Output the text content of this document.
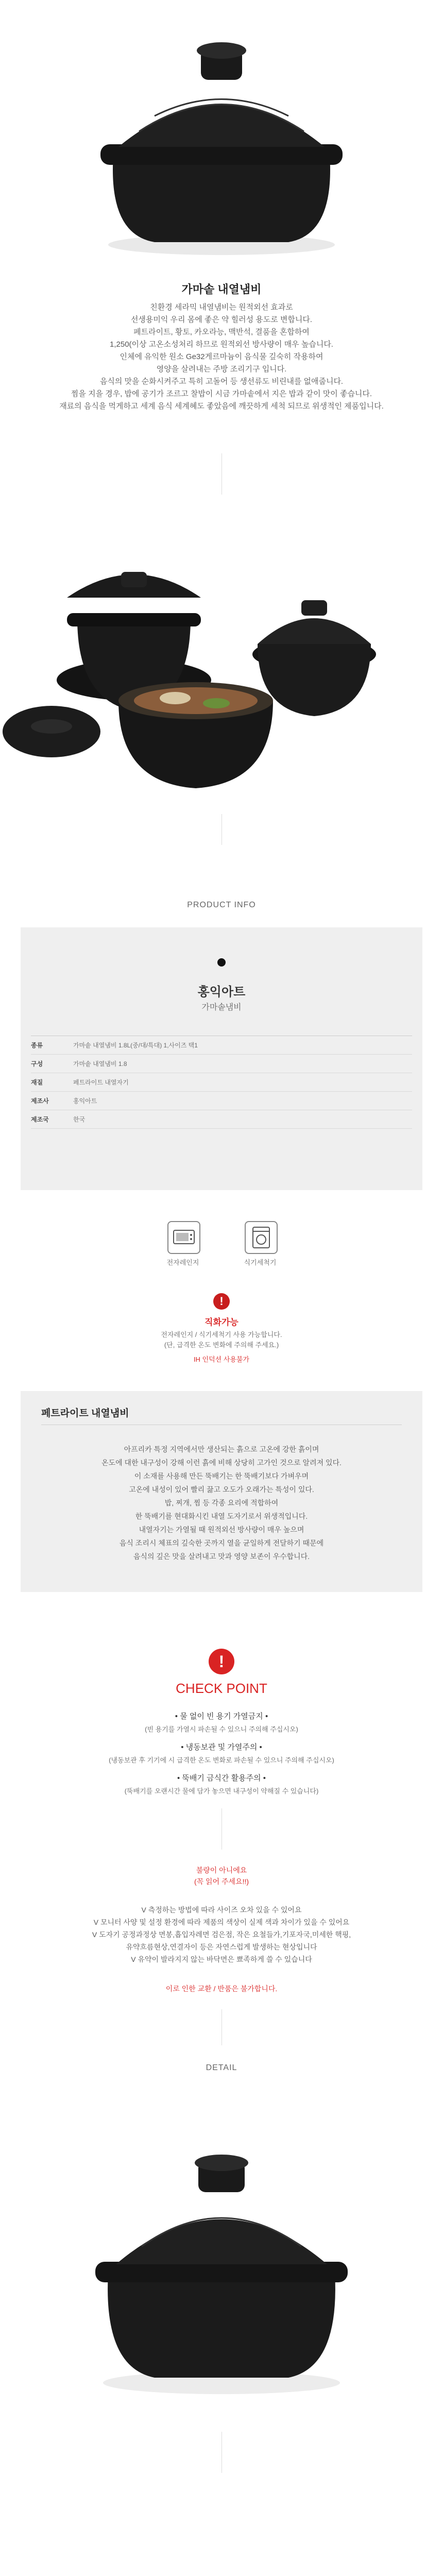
가마솥 내열냄비
친환경 세라믹 내열냄비는 원적외선 효과로
선생용미익 우리 몸에 좋은 약 힐러성 용도로 변합니다.
페트라이트, 황토, 카오라능, 맥반석, 결품을 혼합하여
1,250(이상 고온소성처리 하므로 원적외선 방사량이 매우 높습니다.
인체에 유익한 원소 Ge32게르마늄이 음식물 깊숙히 작용하여
영양을 살려내는 주방 조리기구 입니다.
음식의 맛을 순화시켜주고 특히 고돌어 등 생선류도 비린내를 없애줍니다.
찜을 지을 경우, 밥에 공기가 조르고 찰밥이 시금 가마솥에서 지은 밥과 같이 맛이 좋습니다.
재료의 음식을 먹게하고 세계 음식 세계혜도 좋았음에 깨끗하게 세척 되므로 위생적인 제품입니다.
PRODUCT INFO
홍익아트
가마솥냄비
종류	가마솥 내열냄비 1.8L(중/대/특대) 1,사이즈 택1
구성	가마솥 내열냄비 1.8
재질	페트라이트 내열자기
제조사	홍익아트
제조국	한국
전자레인지	식기세척기
!
직화가능
전자레인지 / 식기세척기 사용 가능합니다.
(단, 급격한 온도 변화에 주의해 주세요.)
IH 인덕션 사용불가
페트라이트 내열냄비
아프리카 특정 지역에서만 생산되는 흙으로 고온에 강한 흙이며
온도에 대한 내구성이 강해 이런 흙에 비해 상당히 고가인 것으로 알려져 있다.
이 소재를 사용해 만든 뚝배기는 한 뚝배기보다 가벼우며
고온에 내성이 있어 빨리 끓고 오도가 오래가는 특성이 있다.
밥, 찌개, 찜 등 각종 요리에 적합하여
한 뚝배기를 현대화시킨 내열 도자기로서 위생적입니다.
내열자기는 가열될 때 원적외선 방사량이 매우 높으며
음식 조리시 체표의 깊숙한 곳까지 열을 균일하게 전달하기 때문에
음식의 깊은 맛을 살려내고 맛과 영양 보존이 우수합니다.
!
CHECK POINT
• 물 없이 빈 용기 가열금지 •
(빈 용기를 가열시 파손될 수 있으니 주의해 주십시오)
• 냉동보관 및 가열주의 •
(냉동보관 후 기기에 시 급격한 온도 변화로 파손될 수 있으니 주의해 주십시오)
• 뚝배기 금식간 활용주의 •
(뚝배기를 오랜시간 물에 담가 놓으면 내구성이 약해질 수 있습니다)
불량이 아니에요
(꼭 읽어 주세요!!)
V 측정하는 방법에 따라 사이즈 오차 있을 수 있어요
V 모니터 사양 및 설정 환경에 따라 제품의 색상이 실제 색과 차이가 있을 수 있어요
V 도자기 공정과정상 면봉,흡입자레면 검은점, 작은 요철들가,기포자국,미세한 핵핑,
유약흐름현상,연결자이 등은 자연스럽게 발생하는 현상입니다
V 유약이 발라지지 않는 바닥면은 뾰족하게 쓸 수 있습니다
이로 인한 교환 / 반품은 불가합니다.
DETAIL
